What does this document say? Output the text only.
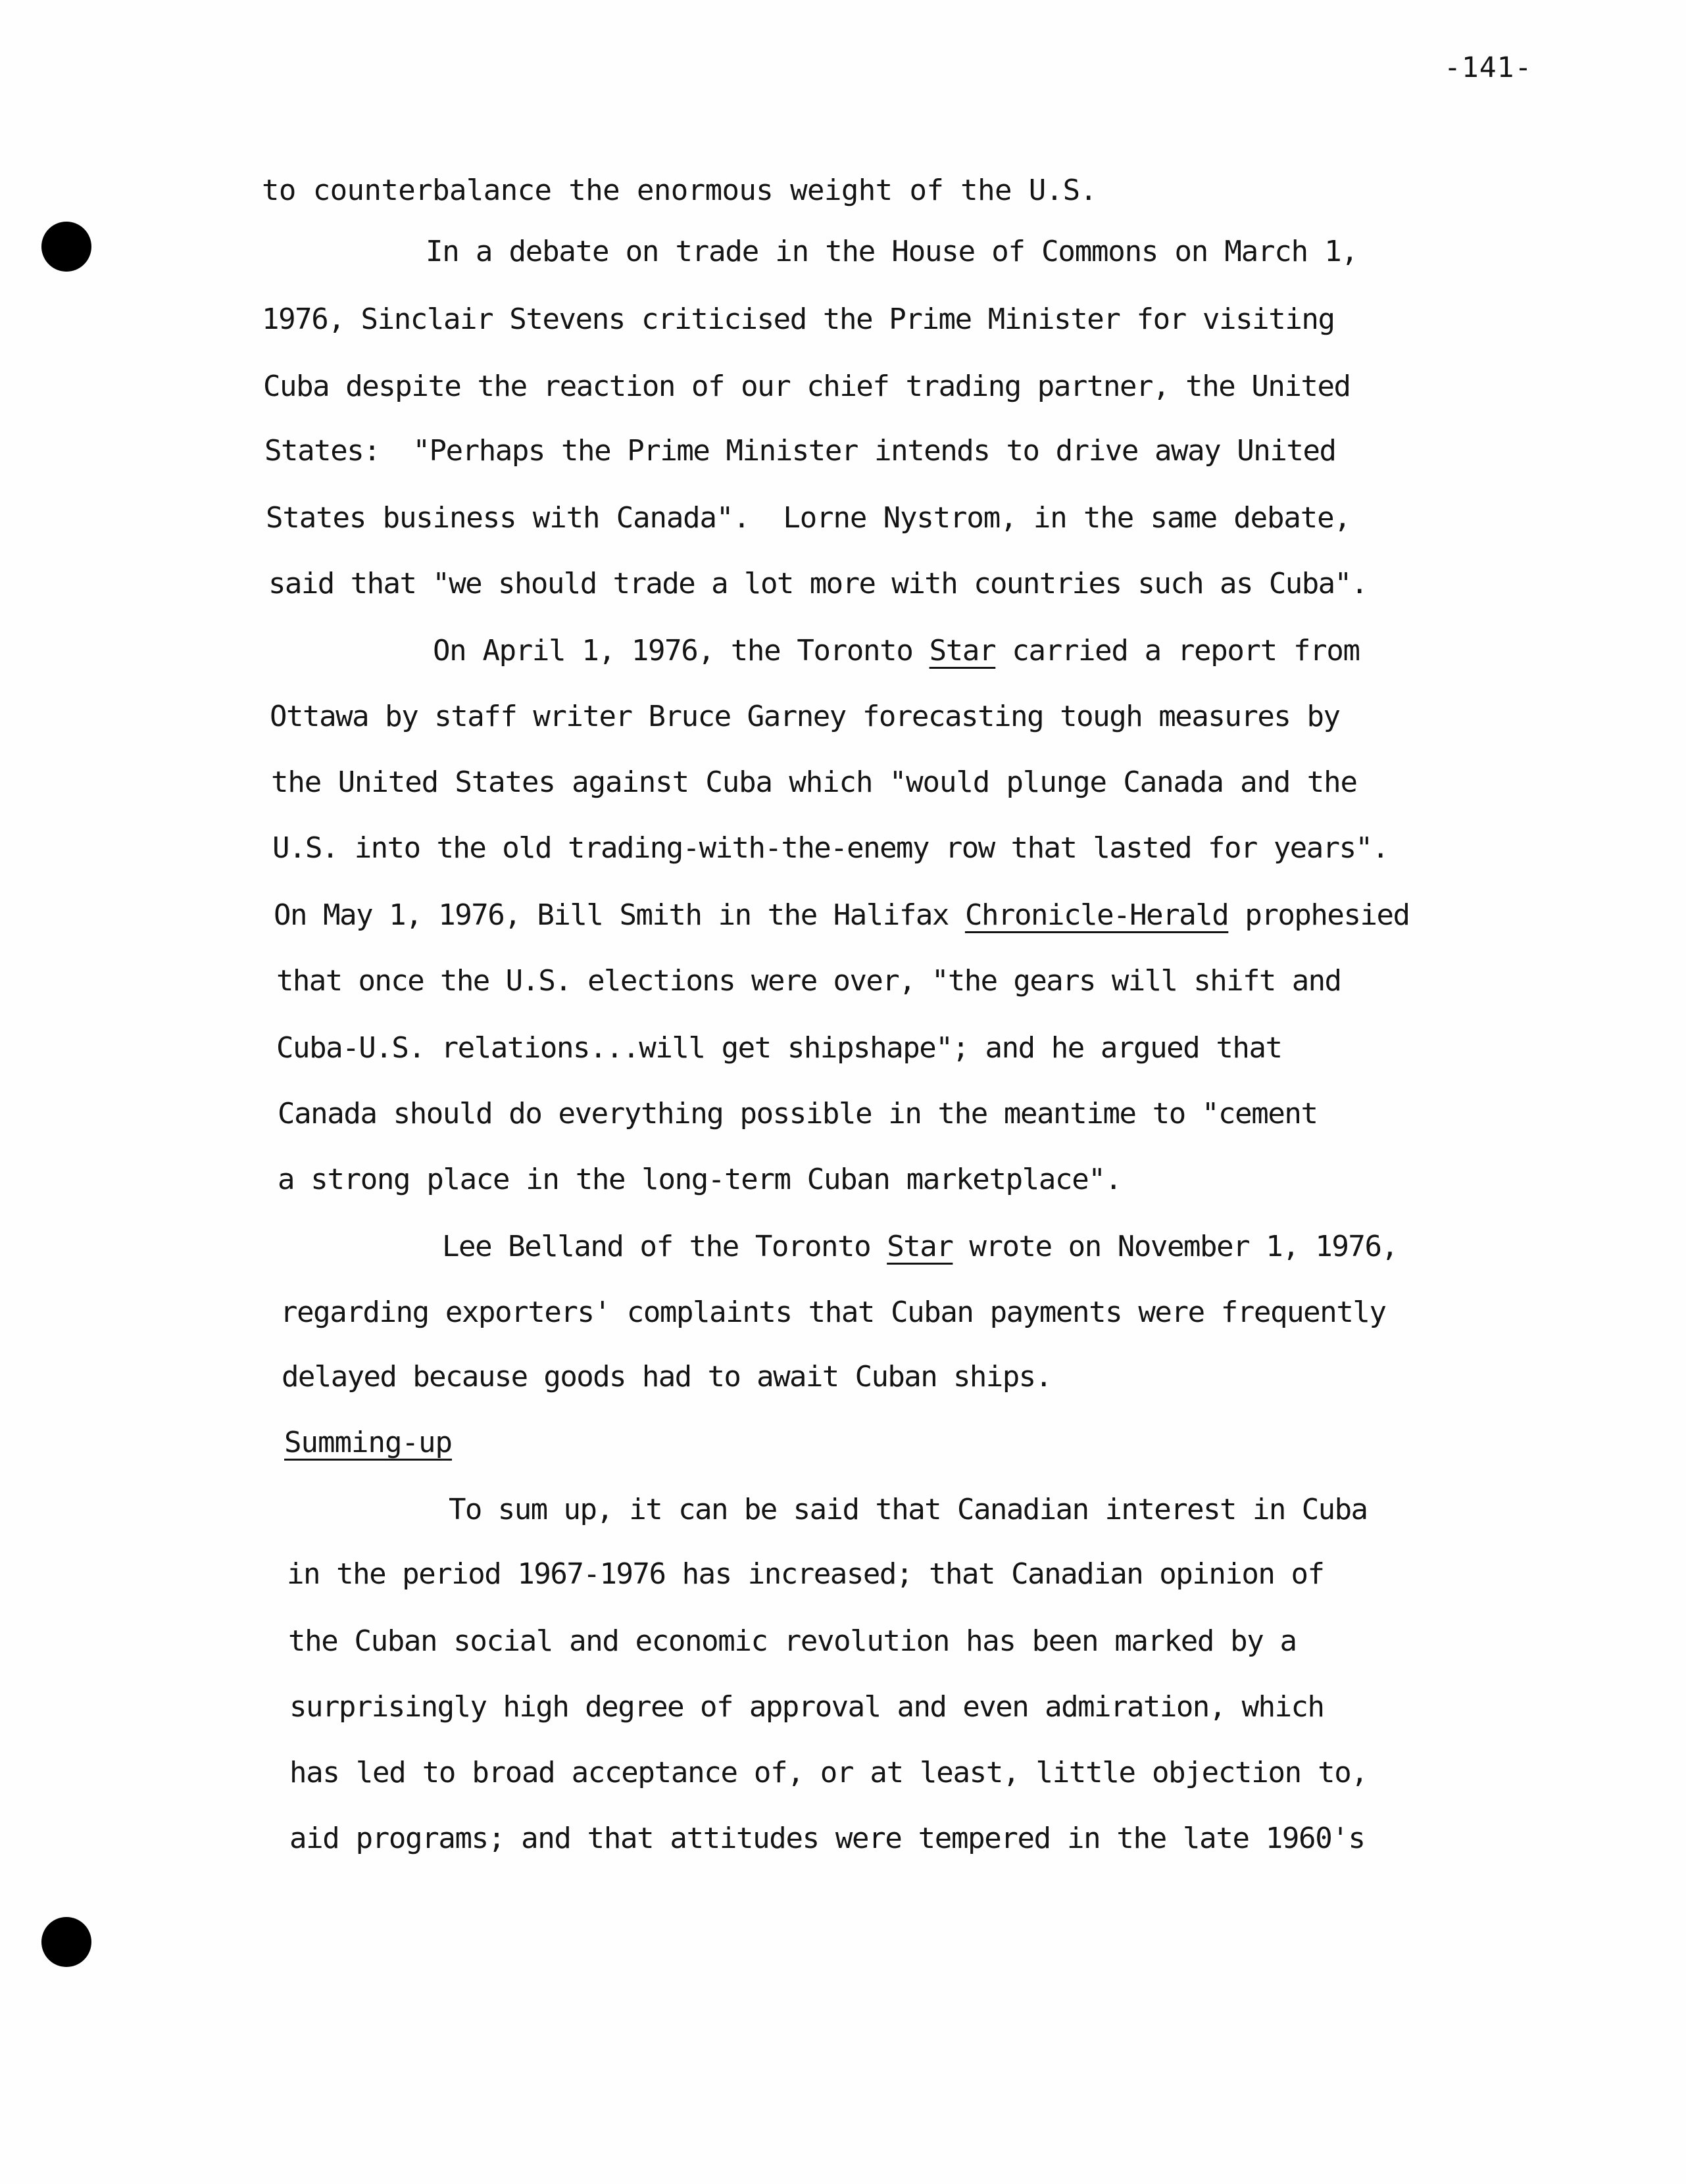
-141-
to counterbalance the enormous weight of the U.S.
In a debate on trade in the House of Commons on March 1,
1976, Sinclair Stevens criticised the Prime Minister for visiting
Cuba despite the reaction of our chief trading partner, the United
States:  "Perhaps the Prime Minister intends to drive away United
States business with Canada".  Lorne Nystrom, in the same debate,
said that "we should trade a lot more with countries such as Cuba".
On April 1, 1976, the Toronto Star carried a report from
Ottawa by staff writer Bruce Garney forecasting tough measures by
the United States against Cuba which "would plunge Canada and the
U.S. into the old trading-with-the-enemy row that lasted for years".
On May 1, 1976, Bill Smith in the Halifax Chronicle-Herald prophesied
that once the U.S. elections were over, "the gears will shift and
Cuba-U.S. relations...will get shipshape"; and he argued that
Canada should do everything possible in the meantime to "cement
a strong place in the long-term Cuban marketplace".
Lee Belland of the Toronto Star wrote on November 1, 1976,
regarding exporters' complaints that Cuban payments were frequently
delayed because goods had to await Cuban ships.
Summing-up
To sum up, it can be said that Canadian interest in Cuba
in the period 1967-1976 has increased; that Canadian opinion of
the Cuban social and economic revolution has been marked by a
surprisingly high degree of approval and even admiration, which
has led to broad acceptance of, or at least, little objection to,
aid programs; and that attitudes were tempered in the late 1960's
